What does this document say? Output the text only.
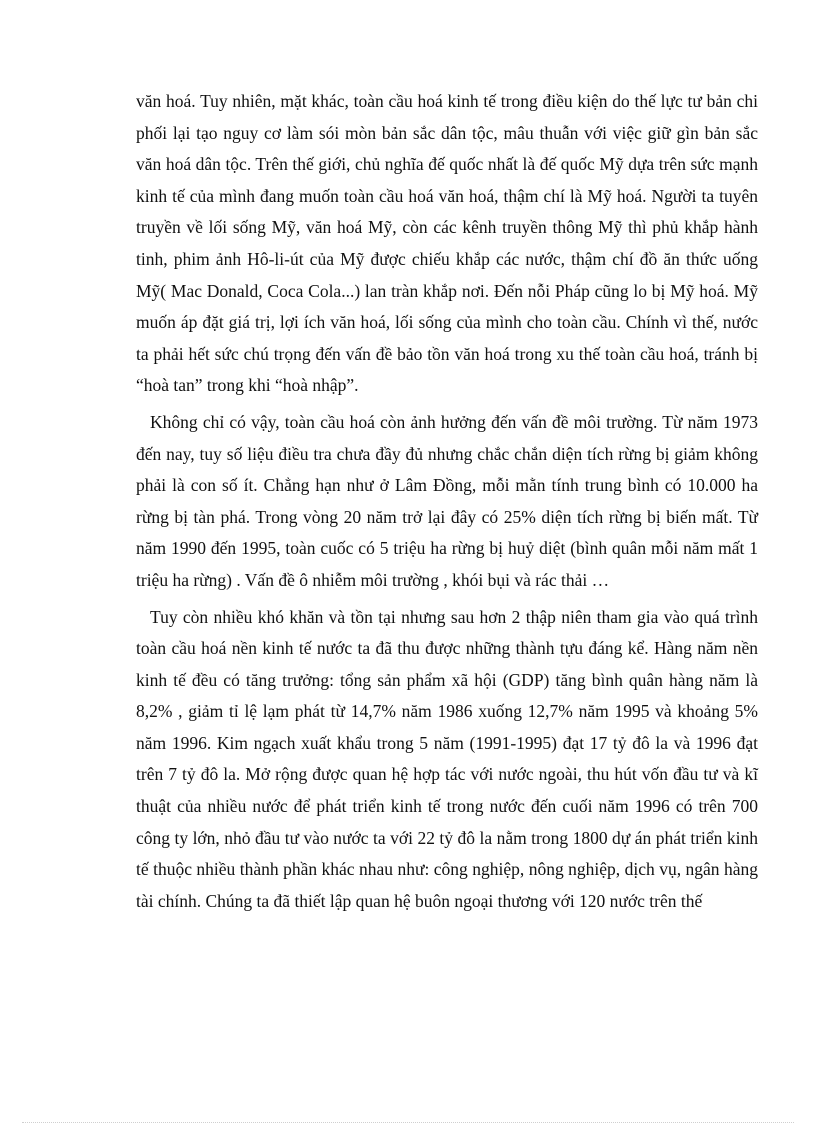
văn hoá. Tuy nhiên, mặt khác, toàn cầu hoá kinh tế trong điều kiện do thế lực tư bản chi phối lại tạo nguy cơ làm sói mòn bản sắc dân tộc, mâu thuẫn với việc giữ gìn bản sắc văn hoá dân tộc. Trên thế giới, chủ nghĩa đế quốc nhất là đế quốc Mỹ dựa trên sức mạnh kinh tế của mình đang muốn toàn cầu hoá văn hoá, thậm chí là Mỹ hoá. Người ta tuyên truyền về lối sống Mỹ, văn hoá Mỹ, còn các kênh truyền thông Mỹ thì phủ khắp hành tinh, phim ảnh Hô-li-út của Mỹ được chiếu khắp các nước, thậm chí đồ ăn thức uống Mỹ( Mac Donald, Coca Cola...) lan tràn khắp nơi. Đến nỗi Pháp cũng lo bị Mỹ hoá. Mỹ muốn áp đặt giá trị, lợi ích văn hoá, lối sống của mình cho toàn cầu. Chính vì thế, nước ta phải hết sức chú trọng đến vấn đề bảo tồn văn hoá trong xu thế toàn cầu hoá, tránh bị “hoà tan” trong khi “hoà nhập”.

Không chỉ có vậy, toàn cầu hoá còn ảnh hưởng đến vấn đề môi trường. Từ năm 1973 đến nay, tuy số liệu điều tra chưa đầy đủ nhưng chắc chắn diện tích rừng bị giảm không phải là con số ít. Chẳng hạn như ở Lâm Đồng, mỗi mằn tính trung bình có 10.000 ha rừng bị tàn phá. Trong vòng 20 năm trở lại đây có 25% diện tích rừng bị biến mất. Từ năm 1990 đến 1995, toàn cuốc có 5 triệu ha rừng bị huỷ diệt (bình quân mỗi năm mất 1 triệu ha rừng) . Vấn đề ô nhiễm môi trường , khói bụi và rác thải …

Tuy còn nhiều khó khăn và tồn tại nhưng sau hơn 2 thập niên tham gia vào quá trình toàn cầu hoá nền kinh tế nước ta đã thu được những thành tựu đáng kể. Hàng năm nền kinh tế đều có tăng trưởng: tổng sản phẩm xã hội (GDP) tăng bình quân hàng năm là 8,2% , giảm tỉ lệ lạm phát từ 14,7% năm 1986 xuống 12,7% năm 1995 và khoảng 5% năm 1996. Kim ngạch xuất khẩu trong 5 năm (1991-1995) đạt 17 tỷ đô la và 1996 đạt trên 7 tỷ đô la. Mở rộng được quan hệ hợp tác với nước ngoài, thu hút vốn đầu tư và kĩ thuật của nhiều nước để phát triển kinh tế trong nước đến cuối năm 1996 có trên 700 công ty lớn, nhỏ đầu tư vào nước ta với 22 tỷ đô la nằm trong 1800 dự án phát triển kinh tế thuộc nhiều thành phần khác nhau như: công nghiệp, nông nghiệp, dịch vụ, ngân hàng tài chính. Chúng ta đã thiết lập quan hệ buôn ngoại thương với 120 nước trên thế
